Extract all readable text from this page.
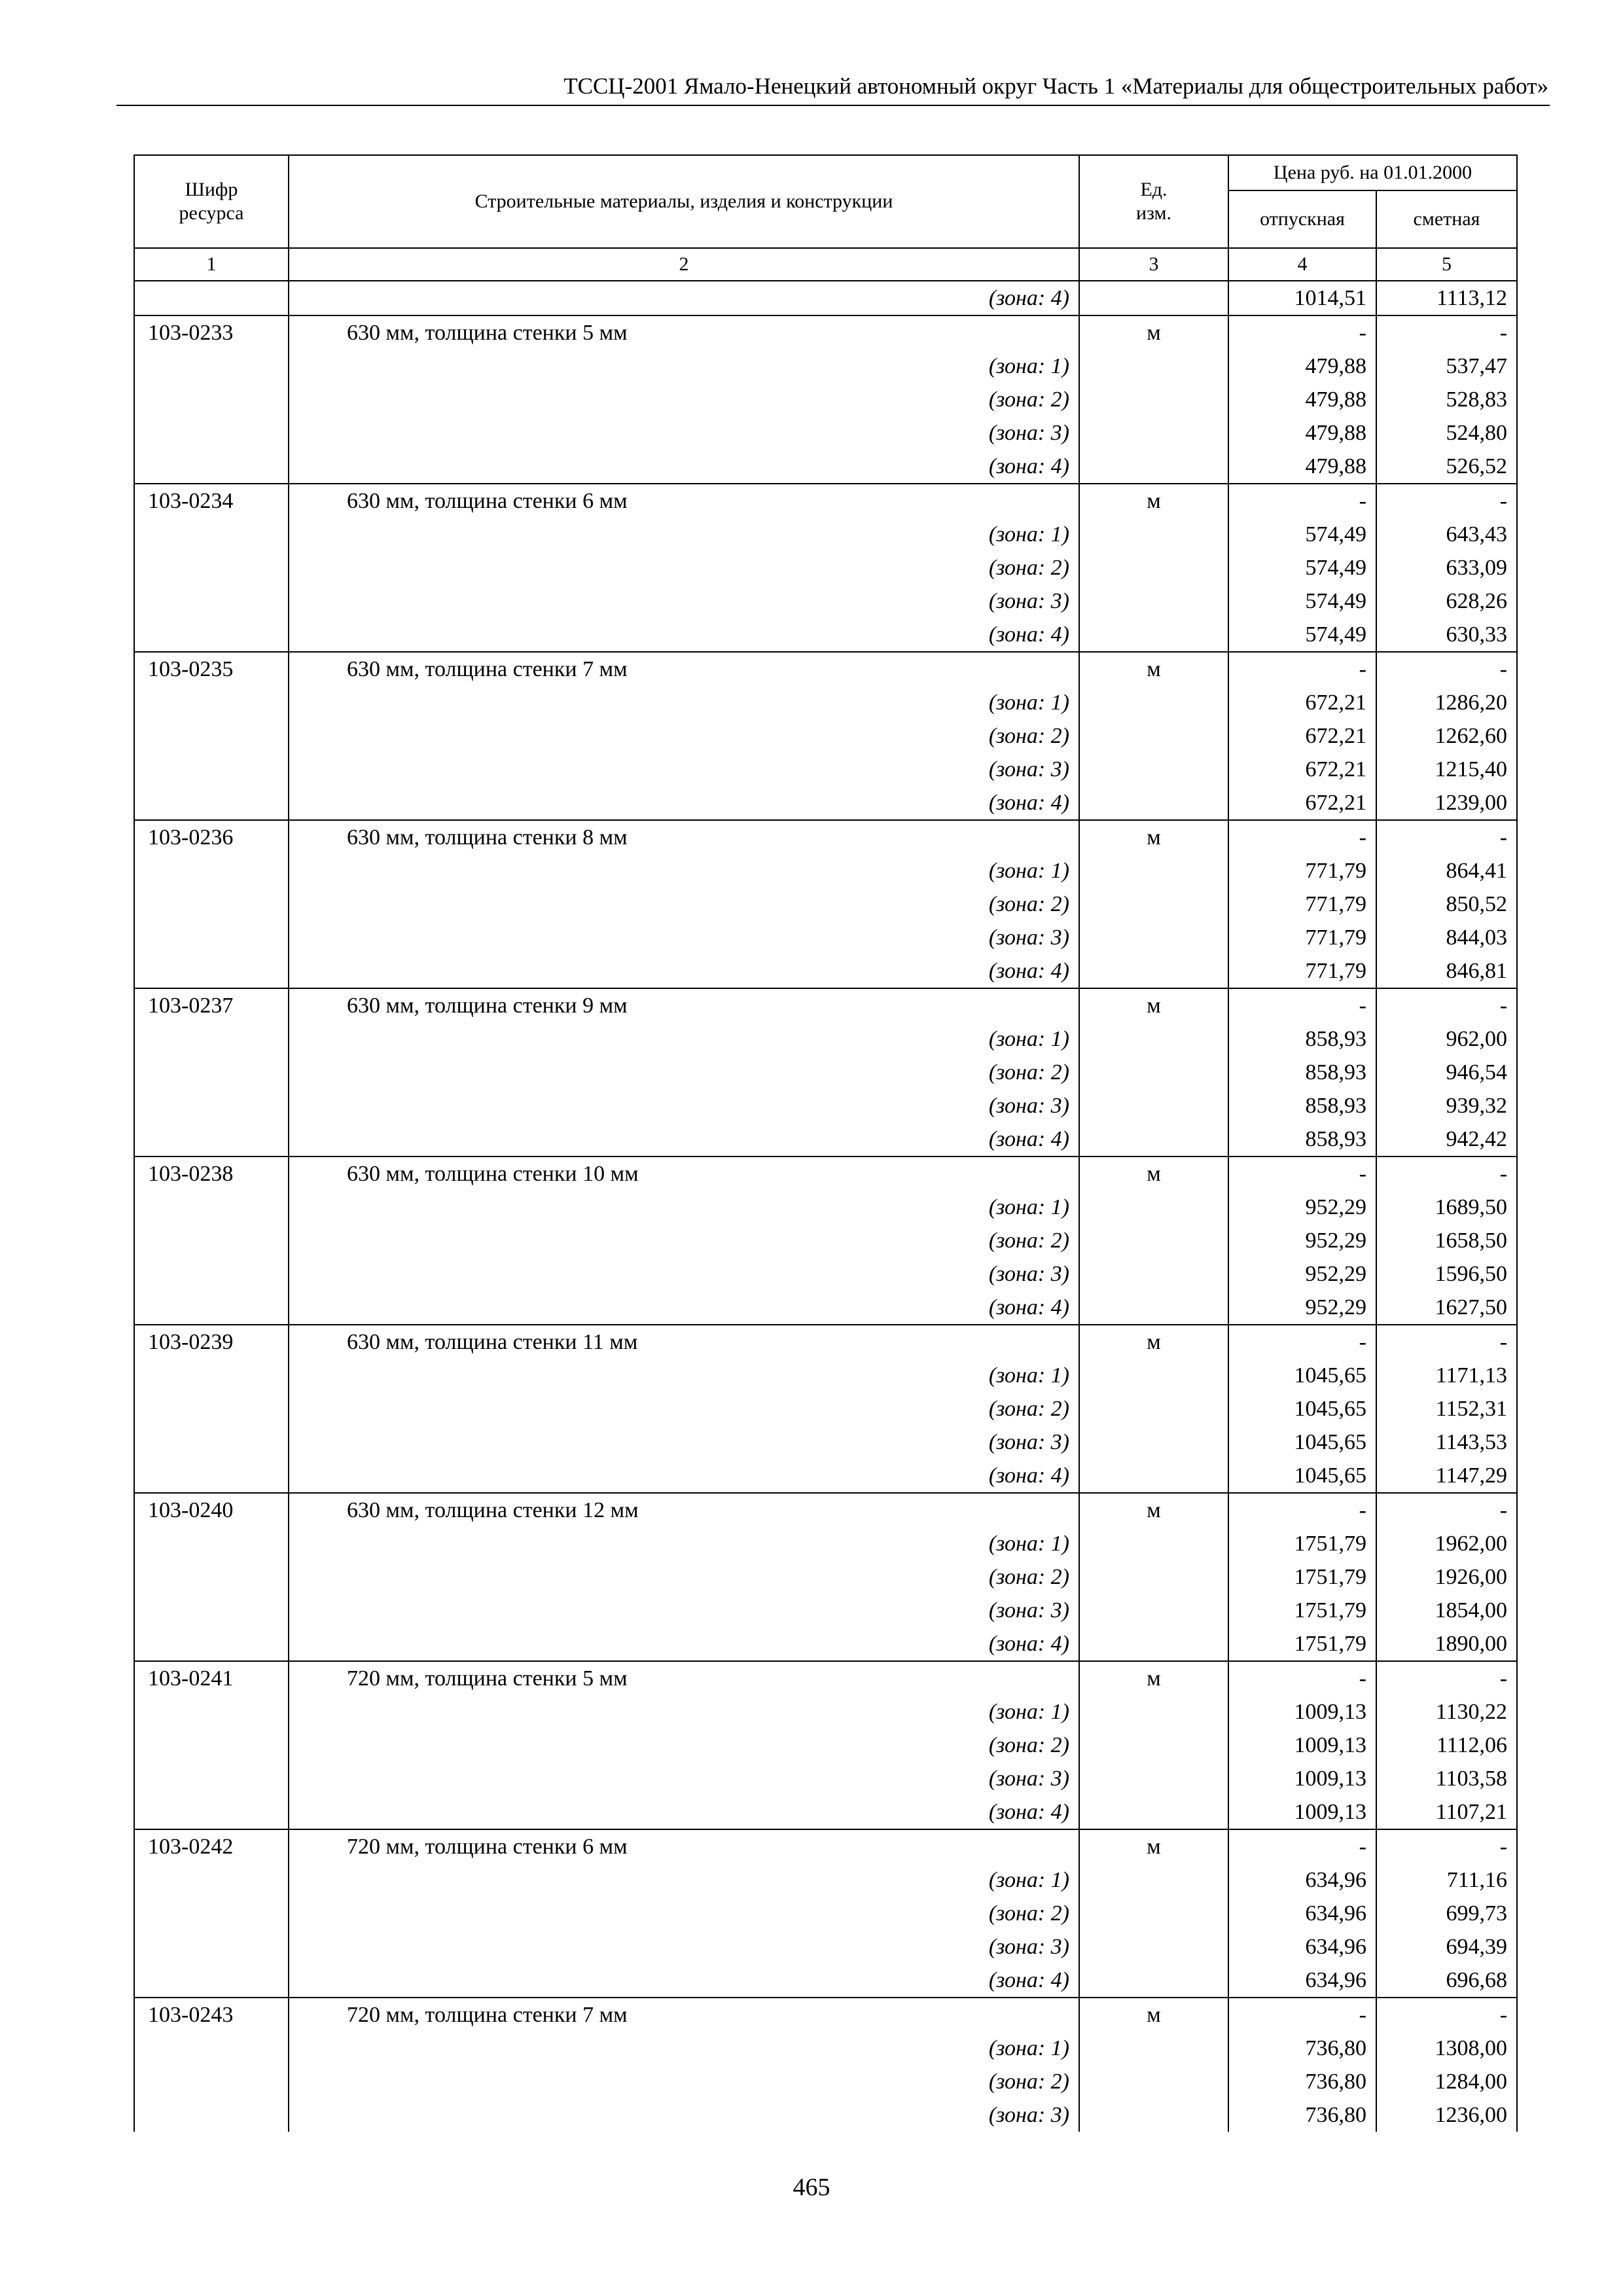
ТССЦ-2001 Ямало-Ненецкий автономный округ Часть 1 «Материалы для общестроительных работ»
Шифр ресурса	Строительные материалы, изделия и конструкции	Ед. изм.	Цена руб. на 01.01.2000	
			отпускная	сметная
1	2	3	4	5

	(зона: 4)		1014,51	1113,12
103-0233	630 мм, толщина стенки 5 мм	м	-	-

	(зона: 1)		479,88	537,47

	(зона: 2)		479,88	528,83

	(зона: 3)		479,88	524,80

	(зона: 4)		479,88	526,52
103-0234	630 мм, толщина стенки 6 мм	м	-	-

	(зона: 1)		574,49	643,43

	(зона: 2)		574,49	633,09

	(зона: 3)		574,49	628,26

	(зона: 4)		574,49	630,33
103-0235	630 мм, толщина стенки 7 мм	м	-	-

	(зона: 1)		672,21	1286,20

	(зона: 2)		672,21	1262,60

	(зона: 3)		672,21	1215,40

	(зона: 4)		672,21	1239,00
103-0236	630 мм, толщина стенки 8 мм	м	-	-

	(зона: 1)		771,79	864,41

	(зона: 2)		771,79	850,52

	(зона: 3)		771,79	844,03

	(зона: 4)		771,79	846,81
103-0237	630 мм, толщина стенки 9 мм	м	-	-

	(зона: 1)		858,93	962,00

	(зона: 2)		858,93	946,54

	(зона: 3)		858,93	939,32

	(зона: 4)		858,93	942,42
103-0238	630 мм, толщина стенки 10 мм	м	-	-

	(зона: 1)		952,29	1689,50

	(зона: 2)		952,29	1658,50

	(зона: 3)		952,29	1596,50

	(зона: 4)		952,29	1627,50
103-0239	630 мм, толщина стенки 11 мм	м	-	-

	(зона: 1)		1045,65	1171,13

	(зона: 2)		1045,65	1152,31

	(зона: 3)		1045,65	1143,53

	(зона: 4)		1045,65	1147,29
103-0240	630 мм, толщина стенки 12 мм	м	-	-

	(зона: 1)		1751,79	1962,00

	(зона: 2)		1751,79	1926,00

	(зона: 3)		1751,79	1854,00

	(зона: 4)		1751,79	1890,00
103-0241	720 мм, толщина стенки 5 мм	м	-	-

	(зона: 1)		1009,13	1130,22

	(зона: 2)		1009,13	1112,06

	(зона: 3)		1009,13	1103,58

	(зона: 4)		1009,13	1107,21
103-0242	720 мм, толщина стенки 6 мм	м	-	-

	(зона: 1)		634,96	711,16

	(зона: 2)		634,96	699,73

	(зона: 3)		634,96	694,39

	(зона: 4)		634,96	696,68
103-0243	720 мм, толщина стенки 7 мм	м	-	-

	(зона: 1)		736,80	1308,00

	(зона: 2)		736,80	1284,00

	(зона: 3)		736,80	1236,00
465
